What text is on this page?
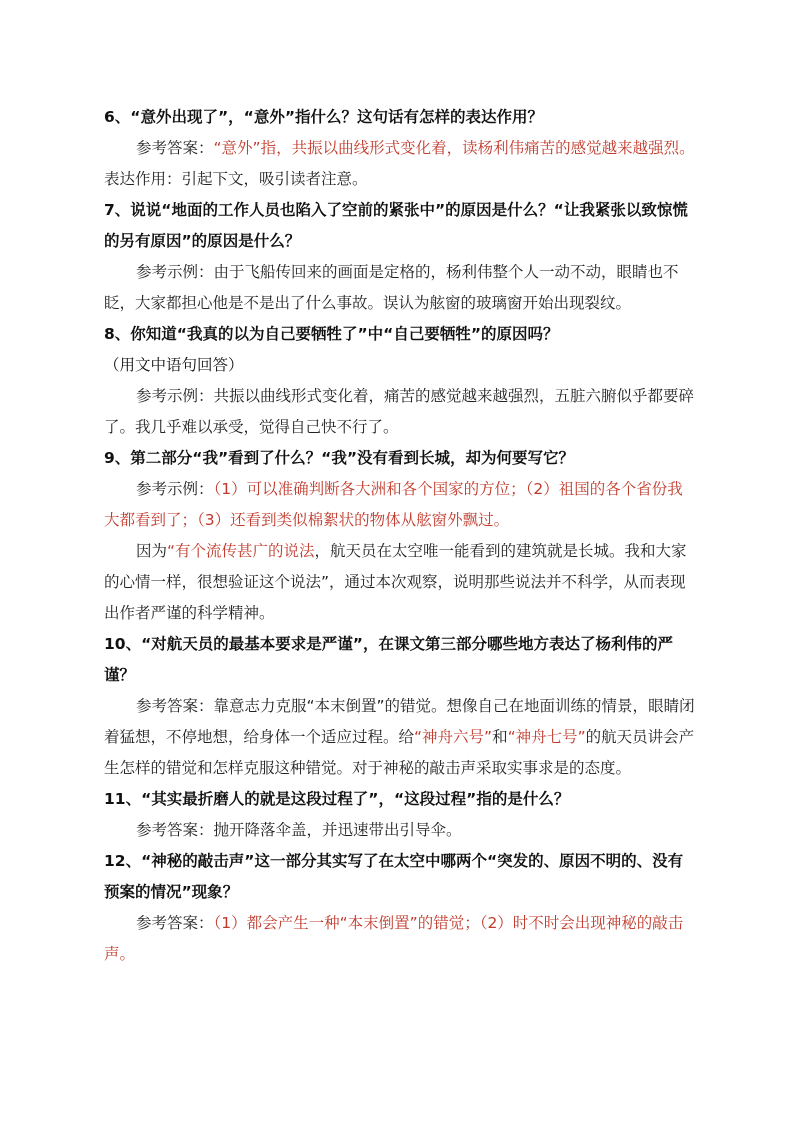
6、“意外出现了”，“意外”指什么？这句话有怎样的表达作用？

参考答案：“意外”指，共振以曲线形式变化着，读杨利伟痛苦的感觉越来越强烈。表达作用：引起下文，吸引读者注意。

7、说说“地面的工作人员也陷入了空前的紧张中”的原因是什么？“让我紧张以致惊慌的另有原因”的原因是什么？

参考示例：由于飞船传回来的画面是定格的，杨利伟整个人一动不动，眼睛也不眨，大家都担心他是不是出了什么事故。误认为舷窗的玻璃窗开始出现裂纹。

8、你知道“我真的以为自己要牺牲了”中“自己要牺牲”的原因吗？（用文中语句回答）

参考示例：共振以曲线形式变化着，痛苦的感觉越来越强烈，五脏六腑似乎都要碎了。我几乎难以承受，觉得自己快不行了。

9、第二部分“我”看到了什么？“我”没有看到长城，却为何要写它？

参考示例：（1）可以准确判断各大洲和各个国家的方位；（2）祖国的各个省份我大都看到了；（3）还看到类似棉絮状的物体从舷窗外飘过。

因为“有个流传甚广的说法，航天员在太空唯一能看到的建筑就是长城。我和大家的心情一样，很想验证这个说法”，通过本次观察，说明那些说法并不科学，从而表现出作者严谨的科学精神。

10、“对航天员的最基本要求是严谨”，在课文第三部分哪些地方表达了杨利伟的严谨？

参考答案：靠意志力克服“本末倒置”的错觉。想像自己在地面训练的情景，眼睛闭着猛想，不停地想，给身体一个适应过程。给“神舟六号”和“神舟七号”的航天员讲会产生怎样的错觉和怎样克服这种错觉。对于神秘的敲击声采取实事求是的态度。

11、“其实最折磨人的就是这段过程了”，“这段过程”指的是什么？

参考答案：抛开降落伞盖，并迅速带出引导伞。

12、“神秘的敲击声”这一部分其实写了在太空中哪两个“突发的、原因不明的、没有预案的情况”现象？

参考答案：（1）都会产生一种“本末倒置”的错觉；（2）时不时会出现神秘的敲击声。
